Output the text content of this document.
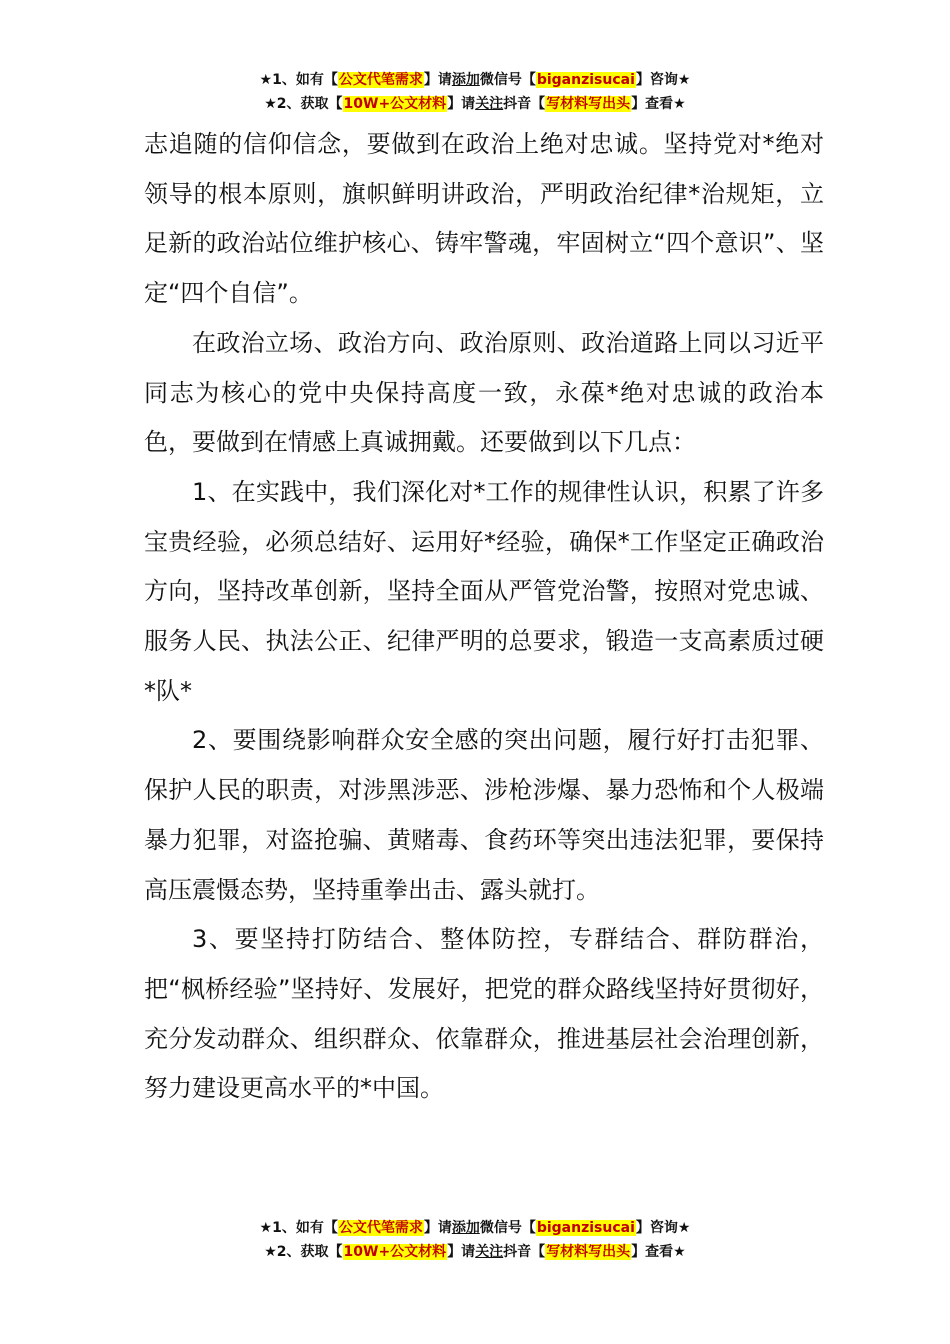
★1、如有【公文代笔需求】请添加微信号【biganzisucai】咨询★
★2、获取【10W+公文材料】请关注抖音【写材料写出头】查看★

志追随的信仰信念，要做到在政治上绝对忠诚。坚持党对*绝对领导的根本原则，旗帜鲜明讲政治，严明政治纪律*治规矩，立足新的政治站位维护核心、铸牢警魂，牢固树立“四个意识”、坚定“四个自信”。

在政治立场、政治方向、政治原则、政治道路上同以习近平同志为核心的党中央保持高度一致，永葆*绝对忠诚的政治本色，要做到在情感上真诚拥戴。还要做到以下几点：

1、在实践中，我们深化对*工作的规律性认识，积累了许多宝贵经验，必须总结好、运用好*经验，确保*工作坚定正确政治方向，坚持改革创新，坚持全面从严管党治警，按照对党忠诚、服务人民、执法公正、纪律严明的总要求，锻造一支高素质过硬*队*

2、要围绕影响群众安全感的突出问题，履行好打击犯罪、保护人民的职责，对涉黑涉恶、涉枪涉爆、暴力恐怖和个人极端暴力犯罪，对盗抢骗、黄赌毒、食药环等突出违法犯罪，要保持高压震慑态势，坚持重拳出击、露头就打。

3、要坚持打防结合、整体防控，专群结合、群防群治，把“枫桥经验”坚持好、发展好，把党的群众路线坚持好贯彻好，充分发动群众、组织群众、依靠群众，推进基层社会治理创新，努力建设更高水平的*中国。

★1、如有【公文代笔需求】请添加微信号【biganzisucai】咨询★
★2、获取【10W+公文材料】请关注抖音【写材料写出头】查看★
